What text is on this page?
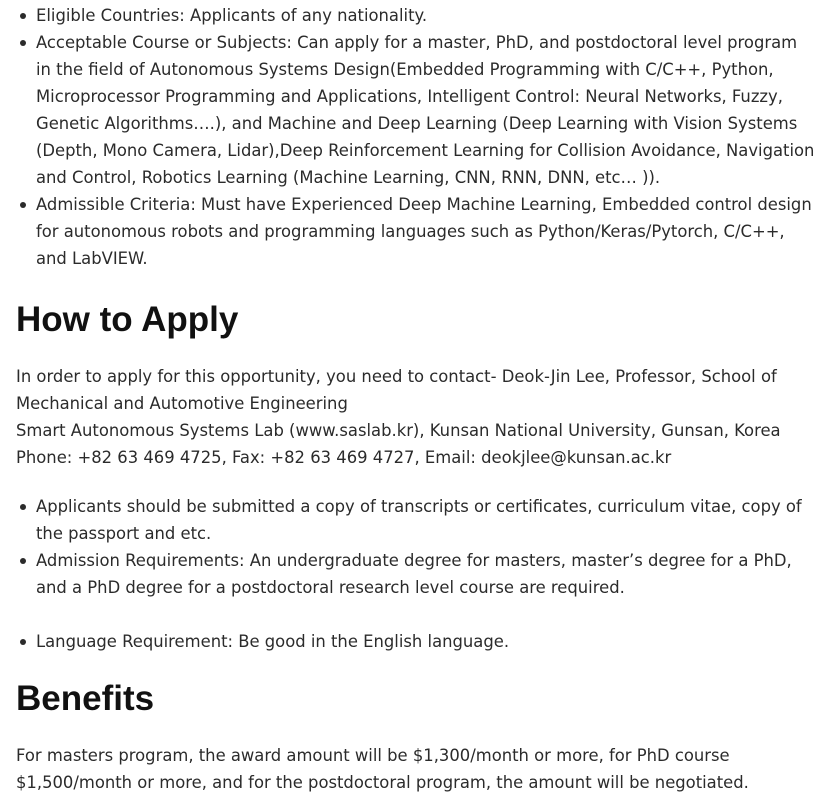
Eligible Countries: Applicants of any nationality.
Acceptable Course or Subjects: Can apply for a master, PhD, and postdoctoral level program in the field of Autonomous Systems Design(Embedded Programming with C/C++, Python, Microprocessor Programming and Applications, Intelligent Control: Neural Networks, Fuzzy, Genetic Algorithms….), and Machine and Deep Learning (Deep Learning with Vision Systems (Depth, Mono Camera, Lidar),Deep Reinforcement Learning for Collision Avoidance, Navigation and Control, Robotics Learning (Machine Learning, CNN, RNN, DNN, etc… )).
Admissible Criteria: Must have Experienced Deep Machine Learning, Embedded control design for autonomous robots and programming languages such as Python/Keras/Pytorch, C/C++, and LabVIEW.
How to Apply

In order to apply for this opportunity, you need to contact- Deok-Jin Lee, Professor, School of Mechanical and Automotive Engineering

Smart Autonomous Systems Lab (www.saslab.kr), Kunsan National University, Gunsan, Korea

Phone: +82 63 469 4725, Fax: +82 63 469 4727, Email: deokjlee@kunsan.ac.kr

Applicants should be submitted a copy of transcripts or certificates, curriculum vitae, copy of the passport and etc.
Admission Requirements: An undergraduate degree for masters, master’s degree for a PhD, and a PhD degree for a postdoctoral research level course are required.
Language Requirement: Be good in the English language.
Benefits

For masters program, the award amount will be $1,300/month or more, for PhD course $1,500/month or more, and for the postdoctoral program, the amount will be negotiated.
